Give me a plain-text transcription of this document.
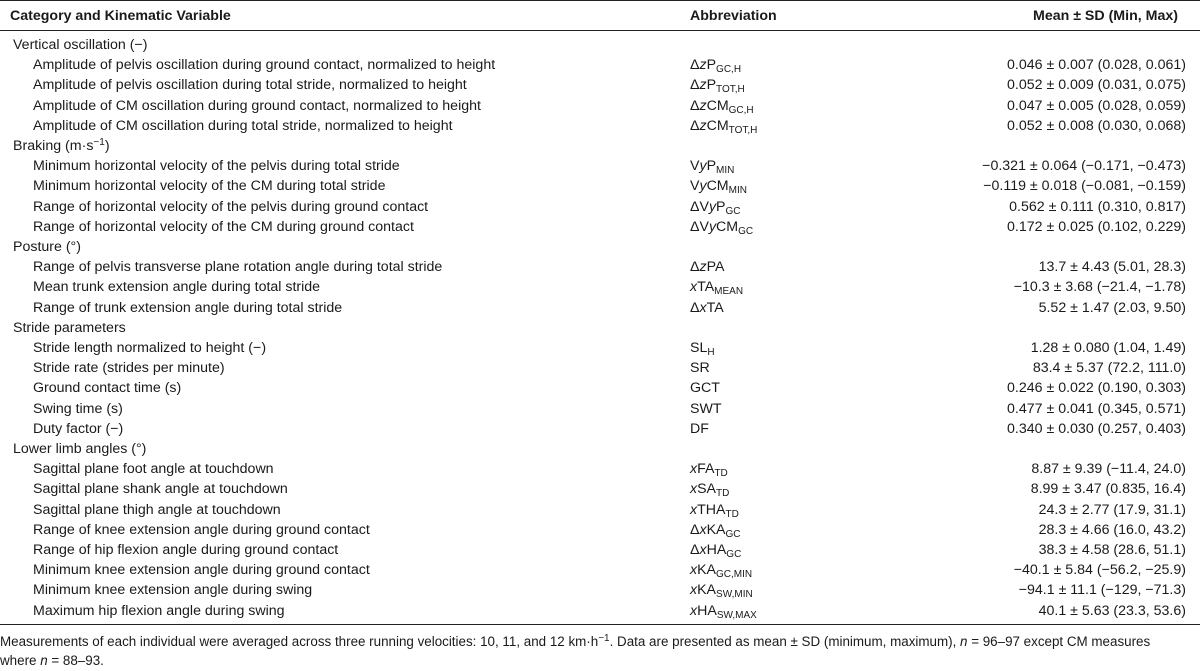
Category and Kinematic Variable	Abbreviation	Mean ± SD (Min, Max)
Vertical oscillation (−)		
Amplitude of pelvis oscillation during ground contact, normalized to height	ΔzP$_{GC,H}$	0.046 ± 0.007 (0.028, 0.061)
Amplitude of pelvis oscillation during total stride, normalized to height	ΔzP$_{TOT,H}$	0.052 ± 0.009 (0.031, 0.075)
Amplitude of CM oscillation during ground contact, normalized to height	ΔzCM$_{GC,H}$	0.047 ± 0.005 (0.028, 0.059)
Amplitude of CM oscillation during total stride, normalized to height	ΔzCM$_{TOT,H}$	0.052 ± 0.008 (0.030, 0.068)
Braking $(m\cdot s^{-1})$		
Minimum horizontal velocity of the pelvis during total stride	VyP$_{MIN}$	−0.321 ± 0.064 (−0.171, −0.473)
Minimum horizontal velocity of the CM during total stride	VyCM$_{MIN}$	−0.119 ± 0.018 (−0.081, −0.159)
Range of horizontal velocity of the pelvis during ground contact	ΔVyP$_{GC}$	0.562 ± 0.111 (0.310, 0.817)
Range of horizontal velocity of the CM during ground contact	ΔVyCM$_{GC}$	0.172 ± 0.025 (0.102, 0.229)
Posture (°)		
Range of pelvis transverse plane rotation angle during total stride	ΔzPA	13.7 ± 4.43 (5.01, 28.3)
Mean trunk extension angle during total stride	xTA$_{MEAN}$	−10.3 ± 3.68 (−21.4, −1.78)
Range of trunk extension angle during total stride	ΔxTA	5.52 ± 1.47 (2.03, 9.50)
Stride parameters		
Stride length normalized to height (−)	$SL_H$	1.28 ± 0.080 (1.04, 1.49)
Stride rate (strides per minute)	SR	83.4 ± 5.37 (72.2, 111.0)
Ground contact time (s)	GCT	0.246 ± 0.022 (0.190, 0.303)
Swing time (s)	SWT	0.477 ± 0.041 (0.345, 0.571)
Duty factor (−)	DF	0.340 ± 0.030 (0.257, 0.403)
Lower limb angles (°)		
Sagittal plane foot angle at touchdown	xFA$_{TD}$	8.87 ± 9.39 (−11.4, 24.0)
Sagittal plane shank angle at touchdown	xSA$_{TD}$	8.99 ± 3.47 (0.835, 16.4)
Sagittal plane thigh angle at touchdown	xTHA$_{TD}$	24.3 ± 2.77 (17.9, 31.1)
Range of knee extension angle during ground contact	ΔxKA$_{GC}$	28.3 ± 4.66 (16.0, 43.2)
Range of hip flexion angle during ground contact	ΔxHA$_{GC}$	38.3 ± 4.58 (28.6, 51.1)
Minimum knee extension angle during ground contact	xKA$_{GC,MIN}$	−40.1 ± 5.84 (−56.2, −25.9)
Minimum knee extension angle during swing	xKA$_{SW,MIN}$	−94.1 ± 11.1 (−129, −71.3)
Maximum hip flexion angle during swing	xHA$_{SW,MAX}$	40.1 ± 5.63 (23.3, 53.6)
Measurements of each individual were averaged across three running velocities: 10, 11, and 12 $km\cdot h^{-1}$. Data are presented as mean ± SD (minimum, maximum), n = 96–97 except CM measures where n = 88–93.
